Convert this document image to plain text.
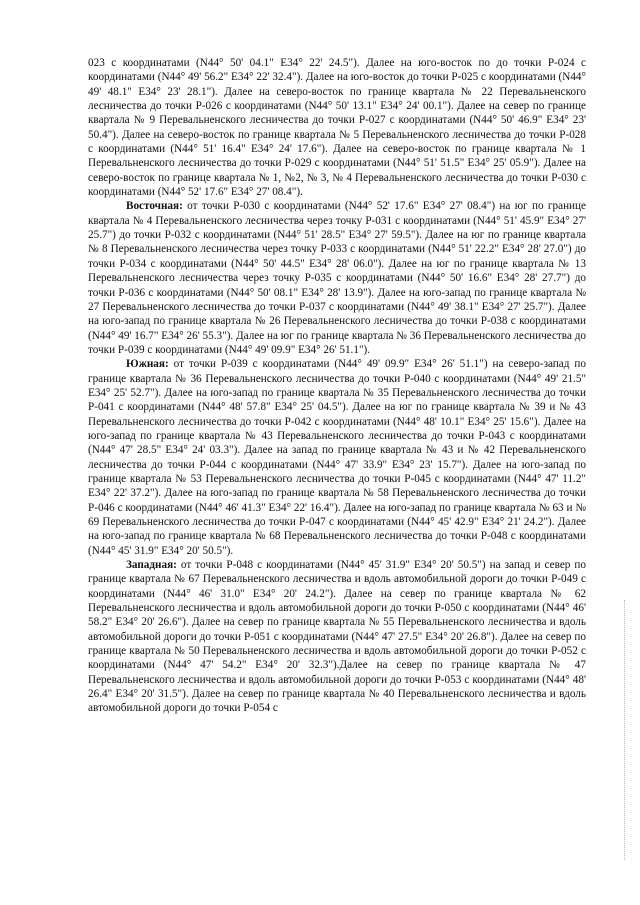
023 с координатами (N44° 50' 04.1" E34° 22' 24.5"). Далее на юго-восток по до точки Р-024 с координатами (N44° 49' 56.2" E34° 22' 32.4"). Далее на юго-восток до точки Р-025 с координатами (N44° 49' 48.1" E34° 23' 28.1"). Далее на северо-восток по границе квартала № 22 Перевальненского лесничества до точки Р-026 с координатами (N44° 50' 13.1" E34° 24' 00.1"). Далее на север по границе квартала № 9 Перевальненского лесничества до точки Р-027 с координатами (N44° 50' 46.9" E34° 23' 50.4"). Далее на северо-восток по границе квартала № 5 Перевальненского лесничества до точки Р-028 с координатами (N44° 51' 16.4" E34° 24' 17.6"). Далее на северо-восток по границе квартала № 1 Перевальненского лесничества до точки Р-029 с координатами (N44° 51' 51.5" E34° 25' 05.9"). Далее на северо-восток по границе квартала № 1, №2, № 3, № 4 Перевальненского лесничества до точки Р-030 с координатами (N44° 52' 17.6" E34° 27' 08.4").

Восточная: от точки Р-030 с координатами (N44° 52' 17.6" E34° 27' 08.4") на юг по границе квартала № 4 Перевальненского лесничества через точку Р-031 с координатами (N44° 51' 45.9" E34° 27' 25.7") до точки Р-032 с координатами (N44° 51' 28.5" E34° 27' 59.5"). Далее на юг по границе квартала № 8 Перевальненского лесничества через точку Р-033 с координатами (N44° 51' 22.2" E34° 28' 27.0") до точки Р-034 с координатами (N44° 50' 44.5" E34° 28' 06.0"). Далее на юг по границе квартала № 13 Перевальненского лесничества через точку Р-035 с координатами (N44° 50' 16.6" E34° 28' 27.7") до точки Р-036 с координатами (N44° 50' 08.1" E34° 28' 13.9"). Далее на юго-запад по границе квартала № 27 Перевальненского лесничества до точки Р-037 с координатами (N44° 49' 38.1" E34° 27' 25.7"). Далее на юго-запад по границе квартала № 26 Перевальненского лесничества до точки Р-038 с координатами (N44° 49' 16.7" E34° 26' 55.3"). Далее на юг по границе квартала № 36 Перевальненского лесничества до точки Р-039 с координатами (N44° 49' 09.9" E34° 26' 51.1").

Южная: от точки Р-039 с координатами (N44° 49' 09.9" E34° 26' 51.1") на северо-запад по границе квартала № 36 Перевальненского лесничества до точки Р-040 с координатами (N44° 49' 21.5" E34° 25' 52.7"). Далее на юго-запад по границе квартала № 35 Перевальненского лесничества до точки Р-041 с координатами (N44° 48' 57.8" E34° 25' 04.5"). Далее на юг по границе квартала № 39 и № 43 Перевальненского лесничества до точки Р-042 с координатами (N44° 48' 10.1" E34° 25' 15.6"). Далее на юго-запад по границе квартала № 43 Перевальненского лесничества до точки Р-043 с координатами (N44° 47' 28.5" E34° 24' 03.3"). Далее на запад по границе квартала № 43 и № 42 Перевальненского лесничества до точки Р-044 с координатами (N44° 47' 33.9" E34° 23' 15.7"). Далее на юго-запад по границе квартала № 53 Перевальненского лесничества до точки Р-045 с координатами (N44° 47' 11.2" E34° 22' 37.2"). Далее на юго-запад по границе квартала № 58 Перевальненского лесничества до точки Р-046 с координатами (N44° 46' 41.3" E34° 22' 16.4"). Далее на юго-запад по границе квартала № 63 и № 69 Перевальненского лесничества до точки Р-047 с координатами (N44° 45' 42.9" E34° 21' 24.2"). Далее на юго-запад по границе квартала № 68 Перевальненского лесничества до точки Р-048 с координатами (N44° 45' 31.9" E34° 20' 50.5").

Западная: от точки Р-048 с координатами (N44° 45' 31.9" E34° 20' 50.5") на запад и север по границе квартала № 67 Перевальненского лесничества и вдоль автомобильной дороги до точки Р-049 с координатами (N44° 46' 31.0" E34° 20' 24.2"). Далее на север по границе квартала № 62 Перевальненского лесничества и вдоль автомобильной дороги до точки Р-050 с координатами (N44° 46' 58.2" E34° 20' 26.6"). Далее на север по границе квартала № 55 Перевальненского лесничества и вдоль автомобильной дороги до точки Р-051 с координатами (N44° 47' 27.5" E34° 20' 26.8"). Далее на север по границе квартала № 50 Перевальненского лесничества и вдоль автомобильной дороги до точки Р-052 с координатами (N44° 47' 54.2" E34° 20' 32.3").Далее на север по границе квартала № 47 Перевальненского лесничества и вдоль автомобильной дороги до точки Р-053 с координатами (N44° 48' 26.4" E34° 20' 31.5"). Далее на север по границе квартала № 40 Перевальненского лесничества и вдоль автомобильной дороги до точки Р-054 с
